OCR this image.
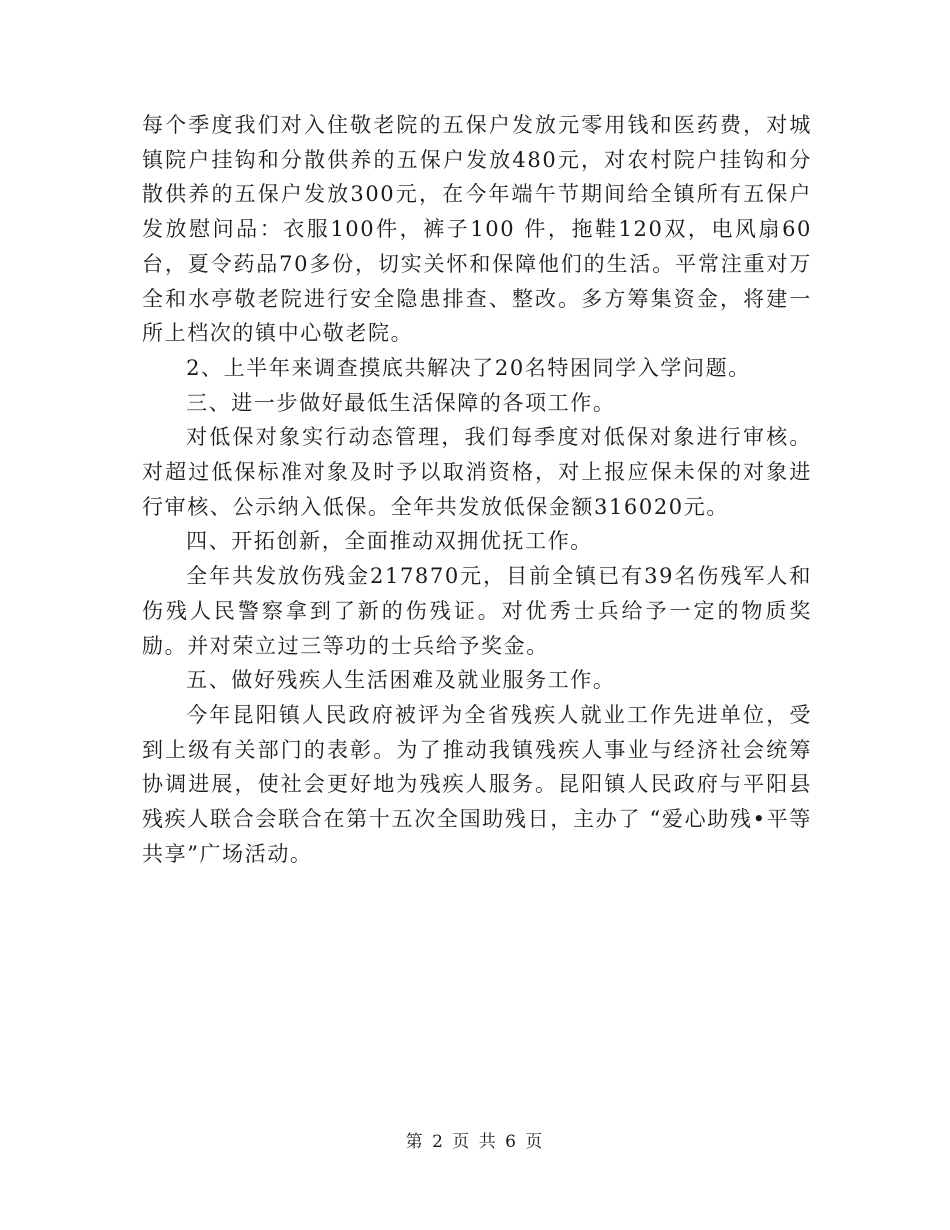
每个季度我们对入住敬老院的五保户发放元零用钱和医药费，对城镇院户挂钩和分散供养的五保户发放480元，对农村院户挂钩和分散供养的五保户发放300元，在今年端午节期间给全镇所有五保户发放慰问品：衣服100件，裤子100 件，拖鞋120双，电风扇60台，夏令药品70多份，切实关怀和保障他们的生活。平常注重对万全和水亭敬老院进行安全隐患排查、整改。多方筹集资金，将建一所上档次的镇中心敬老院。

2、上半年来调查摸底共解决了20名特困同学入学问题。

三、进一步做好最低生活保障的各项工作。

对低保对象实行动态管理，我们每季度对低保对象进行审核。对超过低保标准对象及时予以取消资格，对上报应保未保的对象进行审核、公示纳入低保。全年共发放低保金额316020元。

四、开拓创新，全面推动双拥优抚工作。

全年共发放伤残金217870元，目前全镇已有39名伤残军人和伤残人民警察拿到了新的伤残证。对优秀士兵给予一定的物质奖励。并对荣立过三等功的士兵给予奖金。

五、做好残疾人生活困难及就业服务工作。

今年昆阳镇人民政府被评为全省残疾人就业工作先进单位，受到上级有关部门的表彰。为了推动我镇残疾人事业与经济社会统筹协调进展，使社会更好地为残疾人服务。昆阳镇人民政府与平阳县残疾人联合会联合在第十五次全国助残日，主办了 “爱心助残•平等共享”广场活动。

第 2 页 共 6 页
